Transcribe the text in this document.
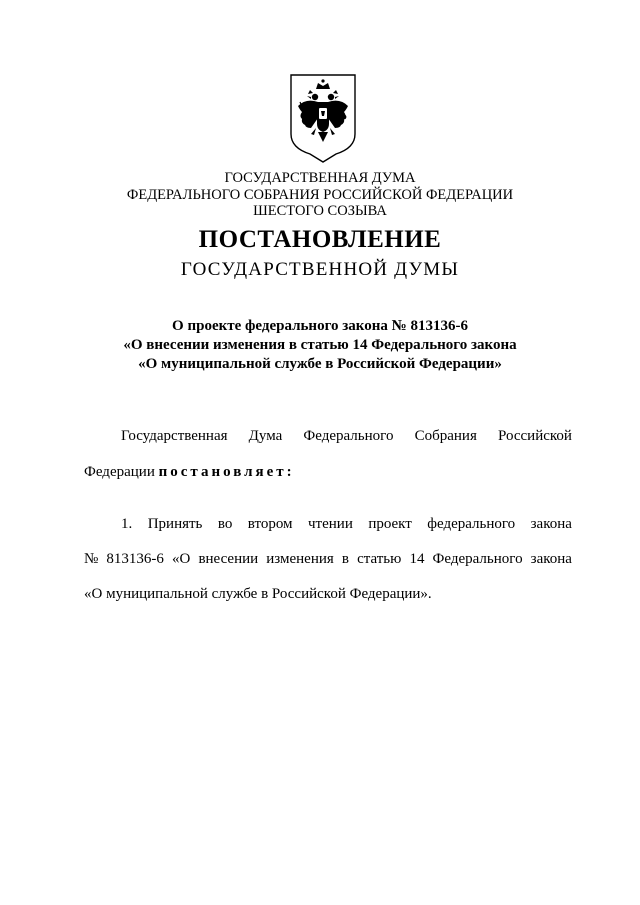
ГОСУДАРСТВЕННАЯ ДУМА
ФЕДЕРАЛЬНОГО СОБРАНИЯ РОССИЙСКОЙ ФЕДЕРАЦИИ
ШЕСТОГО СОЗЫВА
ПОСТАНОВЛЕНИЕ
ГОСУДАРСТВЕННОЙ ДУМЫ
О проекте федерального закона № 813136-6
«О внесении изменения в статью 14 Федерального закона
«О муниципальной службе в Российской Федерации»
Государственная Дума Федерального Собрания Российской
Федерации постановляет:
1. Принять во втором чтении проект федерального закона
№ 813136-6 «О внесении изменения в статью 14 Федерального закона
«О муниципальной службе в Российской Федерации».
